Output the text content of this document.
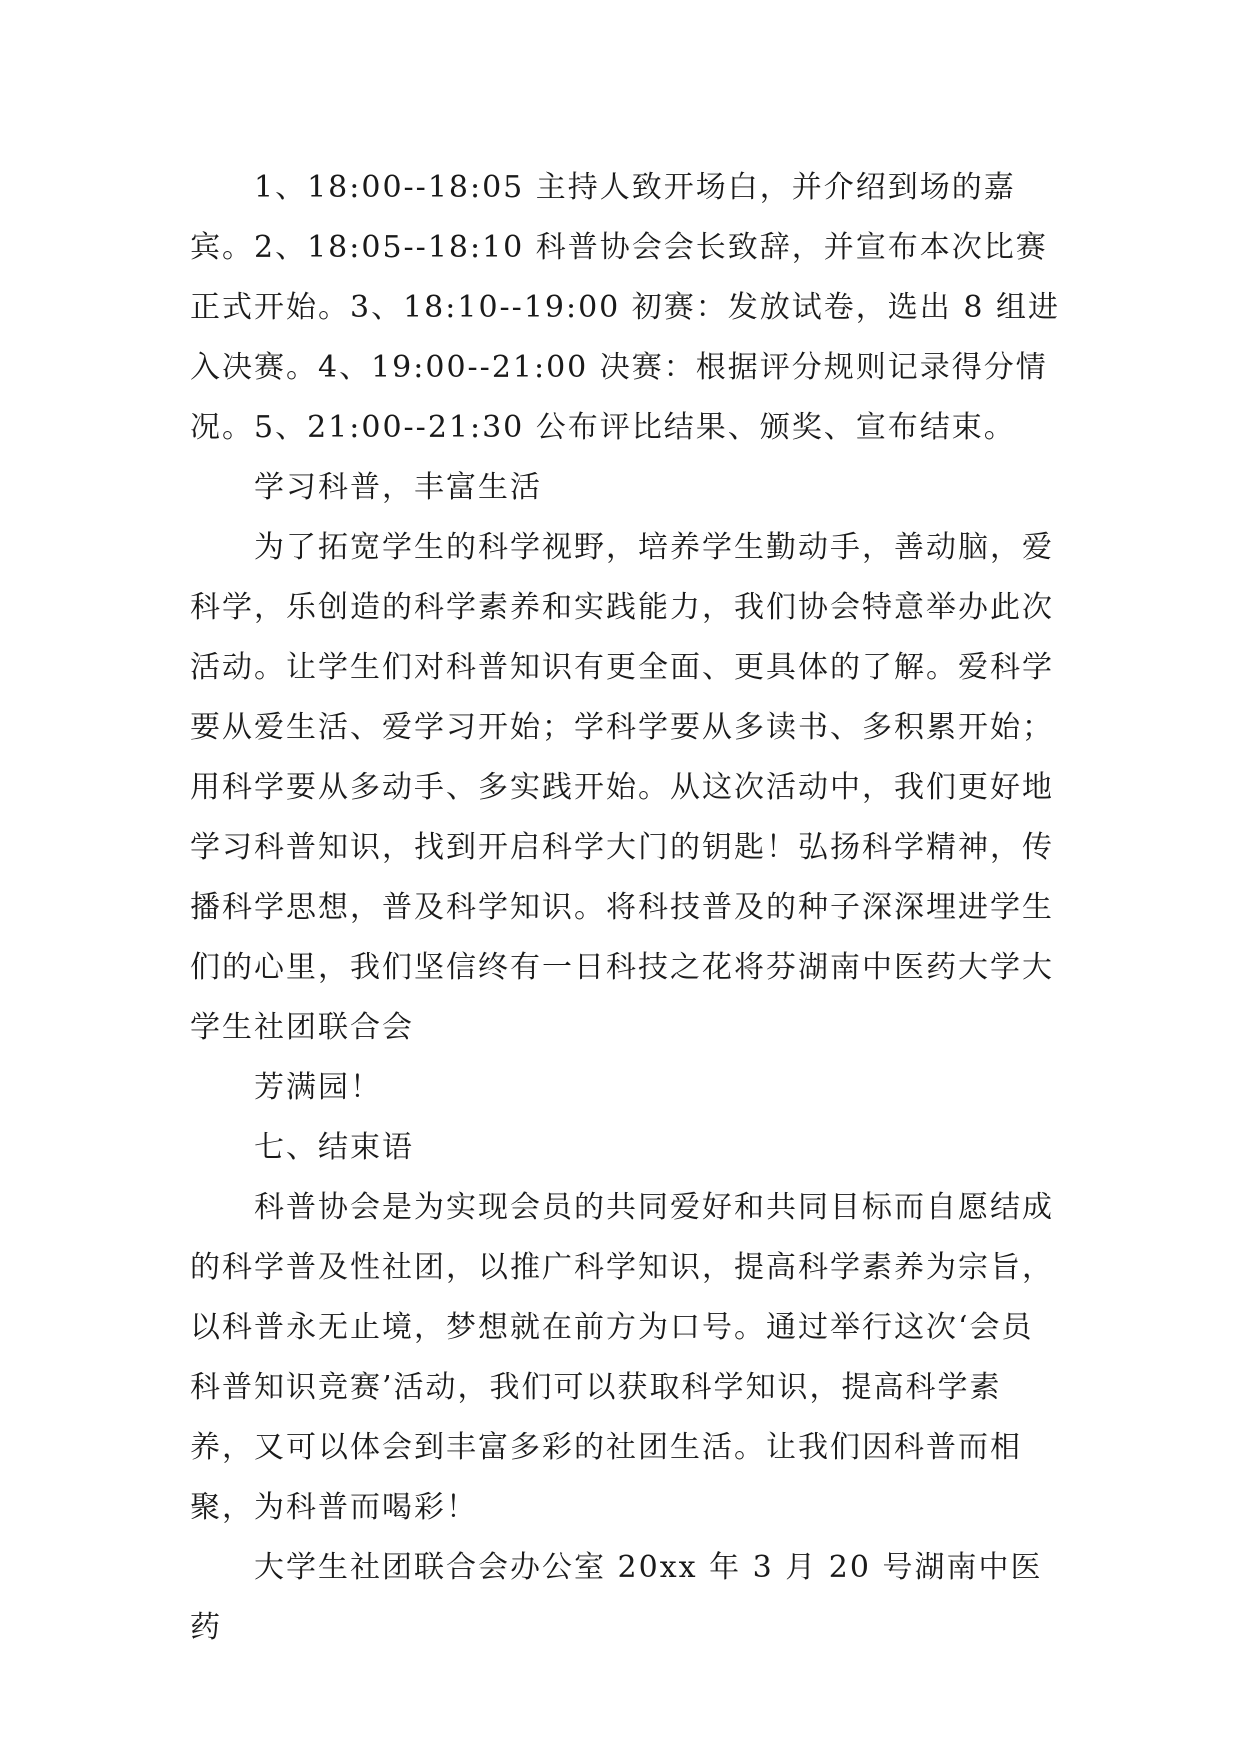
1、18:00--18:05 主持人致开场白，并介绍到场的嘉宾。2、18:05--18:10 科普协会会长致辞，并宣布本次比赛正式开始。3、18:10--19:00 初赛：发放试卷，选出 8 组进入决赛。4、19:00--21:00 决赛：根据评分规则记录得分情况。5、21:00--21:30 公布评比结果、颁奖、宣布结束。

学习科普，丰富生活

为了拓宽学生的科学视野，培养学生勤动手，善动脑，爱科学，乐创造的科学素养和实践能力，我们协会特意举办此次活动。让学生们对科普知识有更全面、更具体的了解。爱科学要从爱生活、爱学习开始；学科学要从多读书、多积累开始；用科学要从多动手、多实践开始。从这次活动中，我们更好地学习科普知识，找到开启科学大门的钥匙！弘扬科学精神，传播科学思想，普及科学知识。将科技普及的种子深深埋进学生们的心里，我们坚信终有一日科技之花将芬湖南中医药大学大学生社团联合会

芳满园！

七、结束语

科普协会是为实现会员的共同爱好和共同目标而自愿结成的科学普及性社团，以推广科学知识，提高科学素养为宗旨，以科普永无止境，梦想就在前方为口号。通过举行这次‘会员科普知识竞赛’活动，我们可以获取科学知识，提高科学素养，又可以体会到丰富多彩的社团生活。让我们因科普而相聚，为科普而喝彩！

大学生社团联合会办公室 20xx 年 3 月 20 号湖南中医药
